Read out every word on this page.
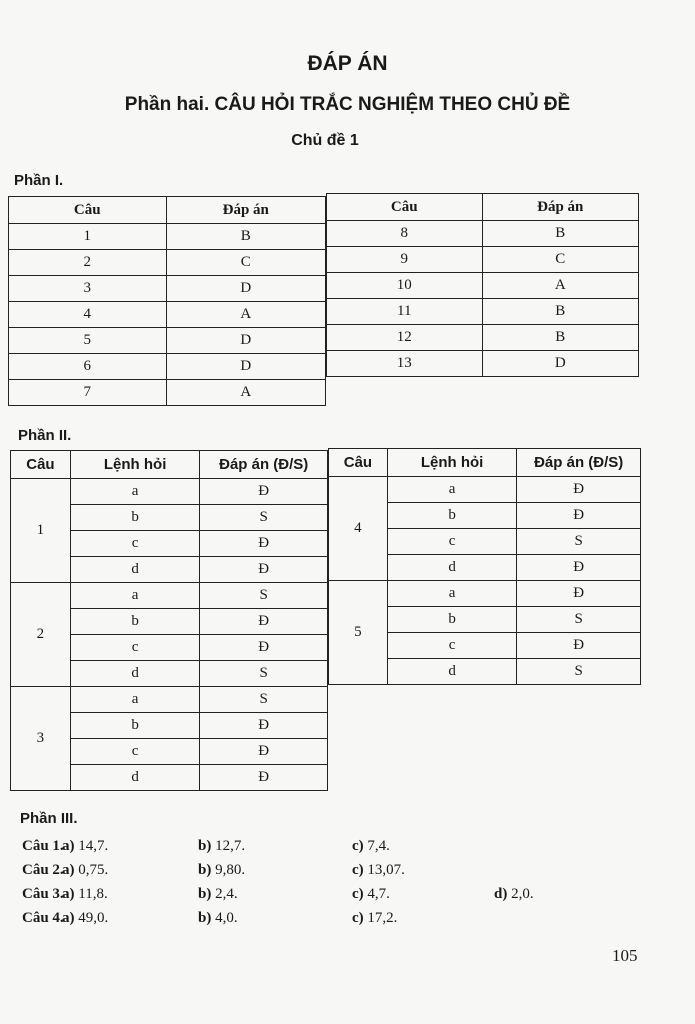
ĐÁP ÁN
Phần hai. CÂU HỎI TRẮC NGHIỆM THEO CHỦ ĐỀ
Chủ đề 1
Phần I.
Câu	Đáp án
1	B
2	C
3	D
4	A
5	D
6	D
7	A
Câu	Đáp án
8	B
9	C
10	A
11	B
12	B
13	D
Phần II.
Câu	Lệnh hỏi	Đáp án (Đ/S)
1	a	Đ
	b	S
	c	Đ
	d	Đ
2	a	S
	b	Đ
	c	Đ
	d	S
3	a	S
	b	Đ
	c	Đ
	d	Đ
Câu	Lệnh hỏi	Đáp án (Đ/S)
4	a	Đ
	b	Đ
	c	S
	d	Đ
5	a	Đ
	b	S
	c	Đ
	d	S
Phần III.
Câu 1.
a) 14,7.	b) 12,7.	c) 7,4.
Câu 2.
a) 0,75.	b) 9,80.	c) 13,07.
Câu 3.
a) 11,8.	b) 2,4.	c) 4,7.	d) 2,0.
Câu 4.
a) 49,0.	b) 4,0.	c) 17,2.
105
